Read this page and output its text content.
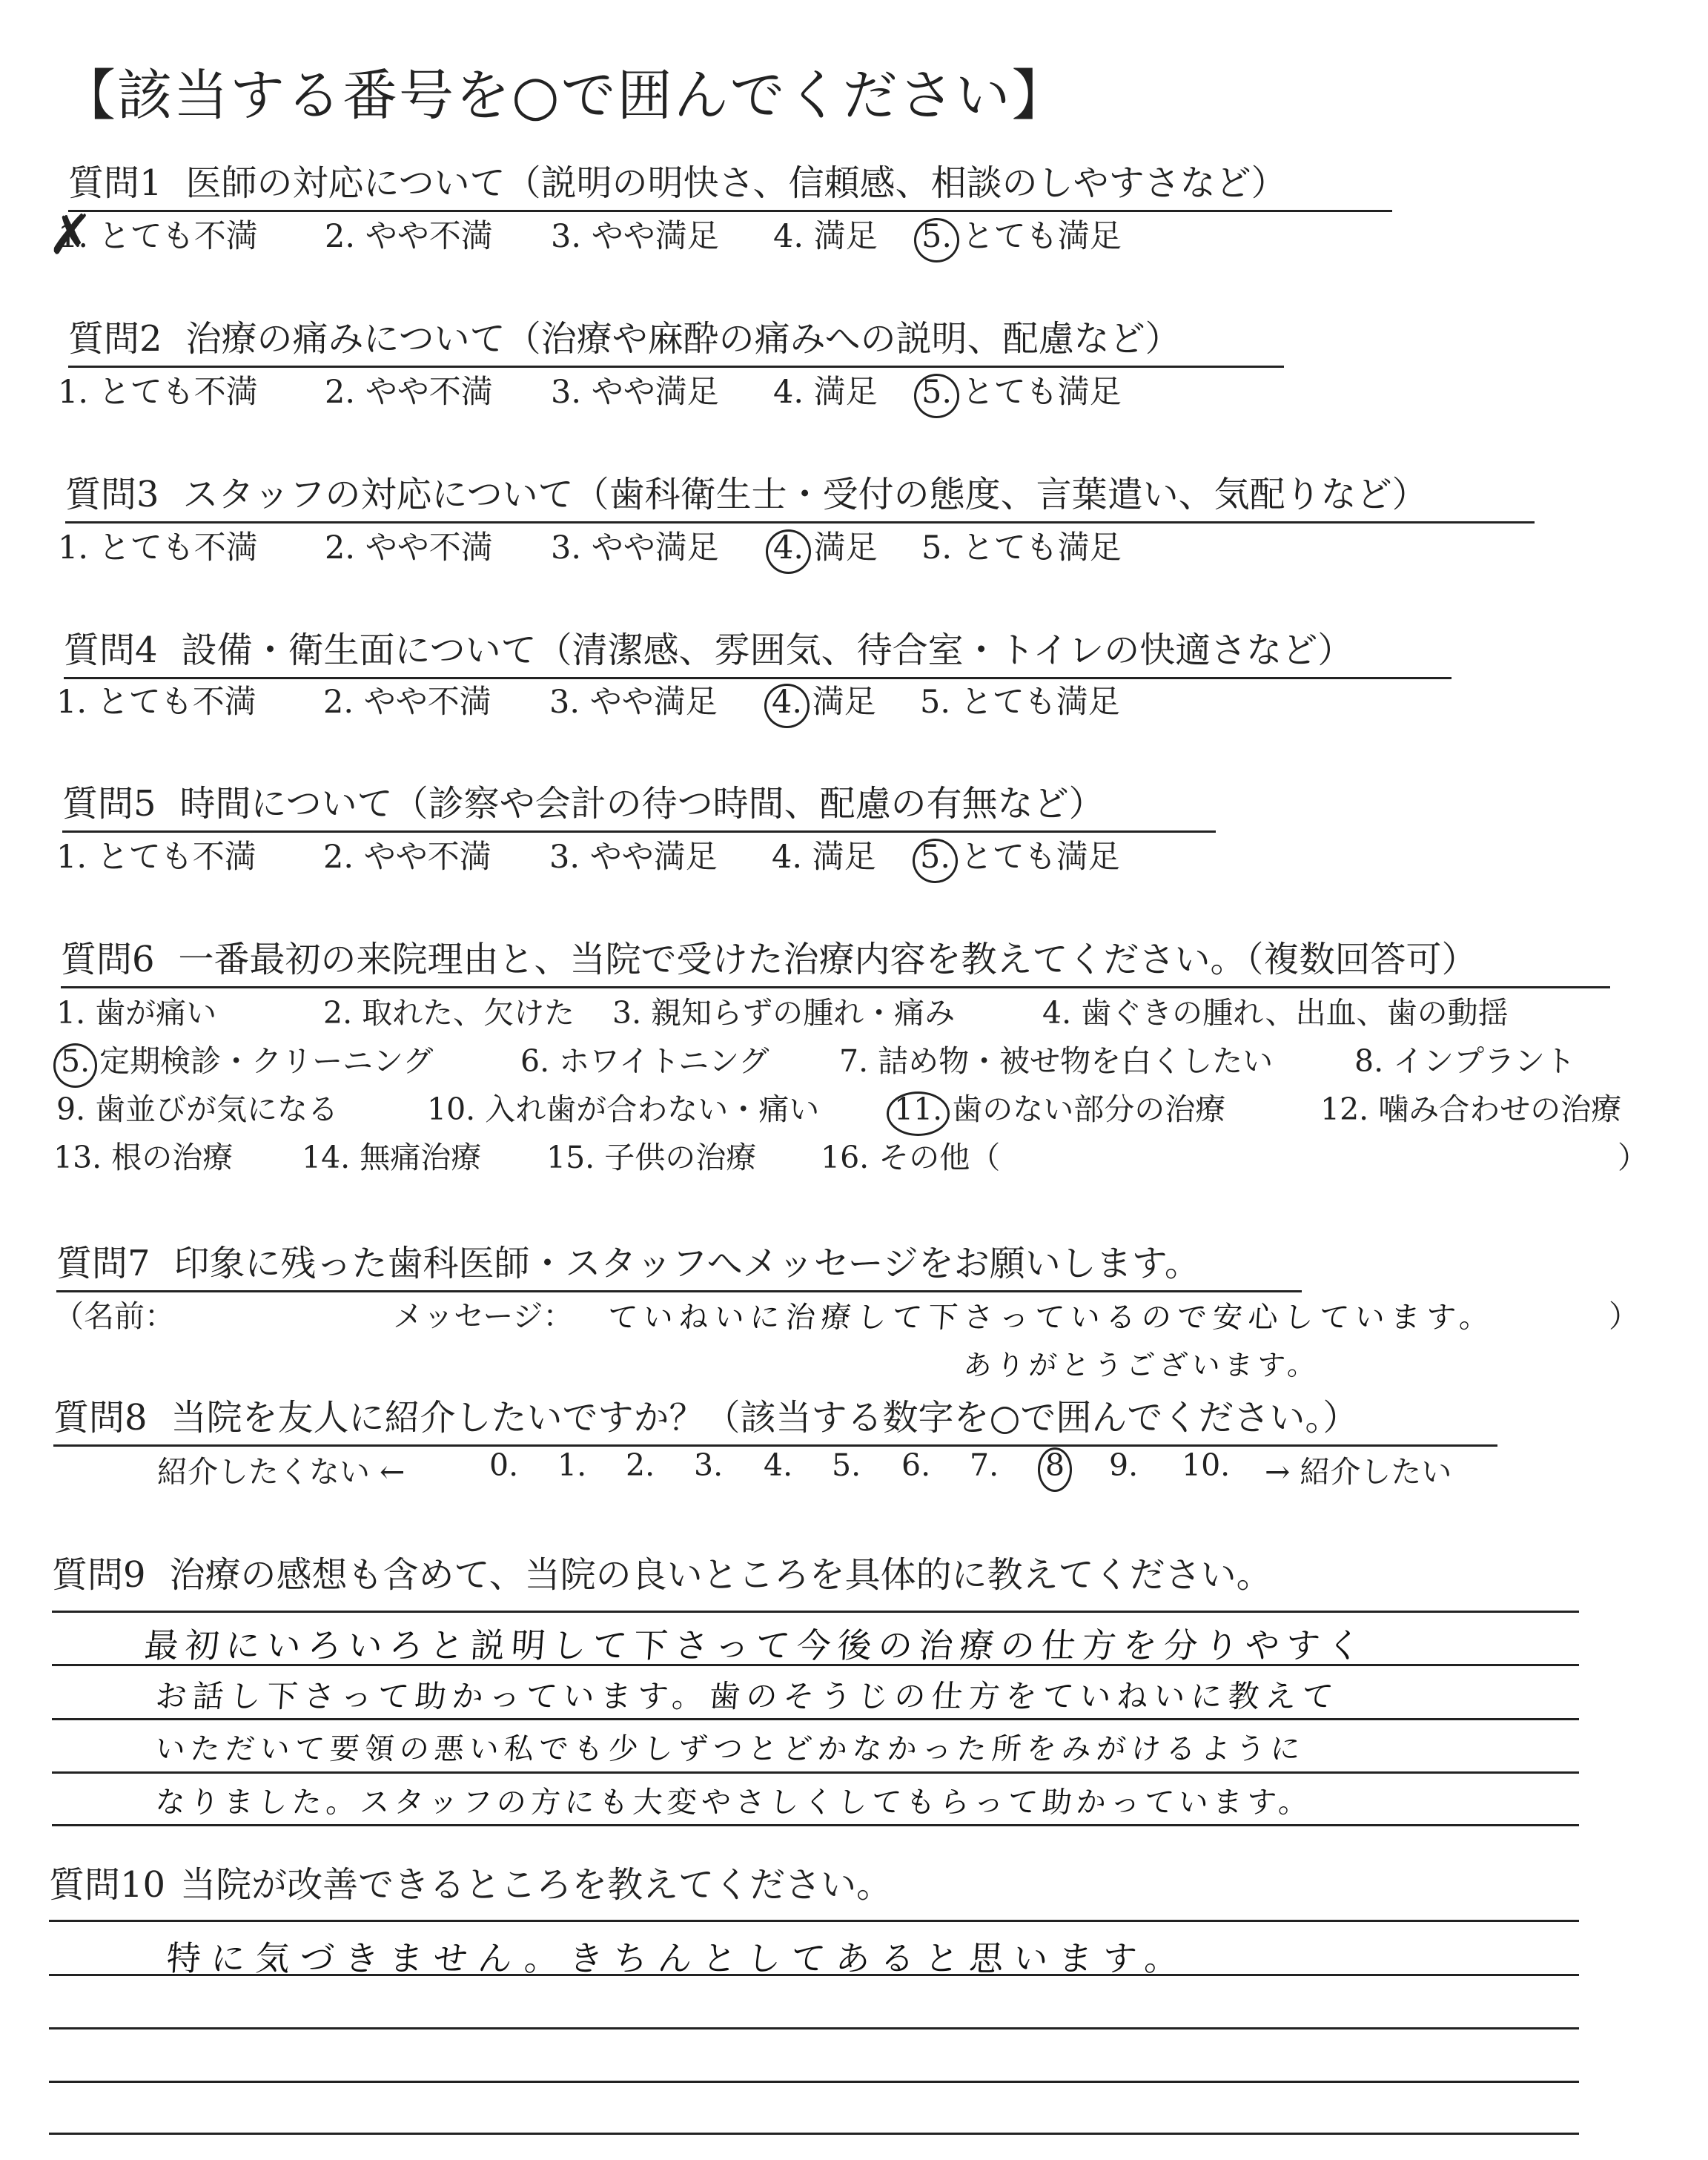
【該当する番号を○で囲んでください】
質問1 医師の対応について（説明の明快さ、信頼感、相談のしやすさなど）
1. ✗ とても不満 2. やや不満 3. やや満足 4. 満足 5. とても満足
質問2 治療の痛みについて（治療や麻酔の痛みへの説明、配慮など）
1. とても不満 2. やや不満 3. やや満足 4. 満足 5. とても満足
質問3 スタッフの対応について（歯科衛生士・受付の態度、言葉遣い、気配りなど）
1. とても不満 2. やや不満 3. やや満足 4. 満足 5. とても満足
質問4 設備・衛生面について（清潔感、雰囲気、待合室・トイレの快適さなど）
1. とても不満 2. やや不満 3. やや満足 4. 満足 5. とても満足
質問5 時間について（診察や会計の待つ時間、配慮の有無など）
1. とても不満 2. やや不満 3. やや満足 4. 満足 5. とても満足
質問6 一番最初の来院理由と、当院で受けた治療内容を教えてください。（複数回答可）
1. 歯が痛い	2. 取れた、欠けた 3. 親知らずの腫れ・痛み	4. 歯ぐきの腫れ、出血、歯の動揺
5. 定期検診・クリーニング	6. ホワイトニング 7. 詰め物・被せ物を白くしたい	8. インプラント
9. 歯並びが気になる	10. 入れ歯が合わない・痛い 11. 歯のない部分の治療	12. 噛み合わせの治療
13. 根の治療 14. 無痛治療 15. 子供の治療 16. その他（	）
質問7 印象に残った歯科医師・スタッフへメッセージをお願いします。
（名前：	メッセージ： ていねいに治療して下さっているので安心しています。
ありがとうございます。
）
質問8 当院を友人に紹介したいですか？（該当する数字を○で囲んでください。）
紹介したくない ←	0. 1. 2. 3. 4. 5. 6. 7. 8 9. 10. → 紹介したい
質問9 治療の感想も含めて、当院の良いところを具体的に教えてください。
最初にいろいろと説明して下さって今後の治療の仕方を分りやすく
お話し下さって助かっています。歯のそうじの仕方をていねいに教えて
いただいて要領の悪い私でも少しずつとどかなかった所をみがけるように
なりました。スタッフの方にも大変やさしくしてもらって助かっています。
質問10 当院が改善できるところを教えてください。
特に気づきません。きちんとしてあると思います。
